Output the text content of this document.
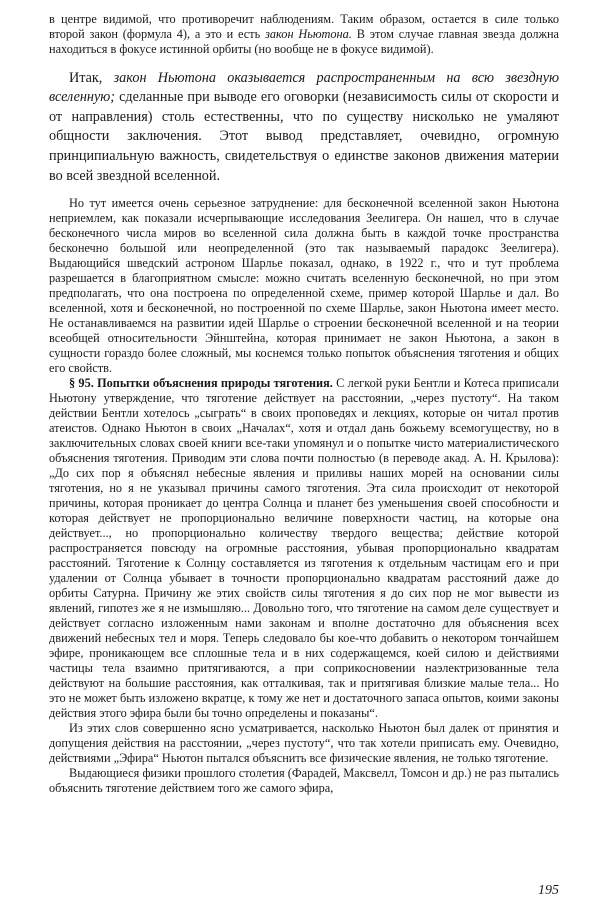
в центре видимой, что противоречит наблюдениям. Таким образом, остается в силе только второй закон (формула 4), а это и есть закон Ньютона. В этом случае главная звезда должна находиться в фокусе истинной орбиты (но вообще не в фокусе видимой).

Итак, закон Ньютона оказывается распространенным на всю звездную вселенную; сделанные при выводе его оговорки (независимость силы от скорости и от направления) столь естественны, что по существу нисколько не умаляют общности заключения. Этот вывод представляет, очевидно, огромную принципиальную важность, свидетельствуя о единстве законов движения материи во всей звездной вселенной.

Но тут имеется очень серьезное затруднение: для бесконечной вселенной закон Ньютона неприемлем, как показали исчерпывающие исследования Зеелигера. Он нашел, что в случае бесконечного числа миров во вселенной сила должна быть в каждой точке пространства бесконечно большой или неопределенной (это так называемый парадокс Зеелигера). Выдающийся шведский астроном Шарлье показал, однако, в 1922 г., что и тут проблема разрешается в благоприятном смысле: можно считать вселенную бесконечной, но при этом предполагать, что она построена по определенной схеме, пример которой Шарлье и дал. Во вселенной, хотя и бесконечной, но построенной по схеме Шарлье, закон Ньютона имеет место. Не останавливаемся на развитии идей Шарлье о строении бесконечной вселенной и на теории всеобщей относительности Эйнштейна, которая принимает не закон Ньютона, а закон в сущности гораздо более сложный, мы коснемся только попыток объяснения тяготения и общих его свойств.

§ 95. Попытки объяснения природы тяготения. С легкой руки Бентли и Котеса приписали Ньютону утверждение, что тяготение действует на расстоянии, „через пустоту“. На таком действии Бентли хотелось „сыграть“ в своих проповедях и лекциях, которые он читал против атеистов. Однако Ньютон в своих „Началах“, хотя и отдал дань божьему всемогуществу, но в заключительных словах своей книги все-таки упомянул и о попытке чисто материалистического объяснения тяготения. Приводим эти слова почти полностью (в переводе акад. А. Н. Крылова): „До сих пор я объяснял небесные явления и приливы наших морей на основании силы тяготения, но я не указывал причины самого тяготения. Эта сила происходит от некоторой причины, которая проникает до центра Солнца и планет без уменьшения своей способности и которая действует не пропорционально величине поверхности частиц, на которые она действует..., но пропорционально количеству твердого вещества; действие которой распространяется повсюду на огромные расстояния, убывая пропорционально квадратам расстояний. Тяготение к Солнцу составляется из тяготения к отдельным частицам его и при удалении от Солнца убывает в точности пропорционально квадратам расстояний даже до орбиты Сатурна. Причину же этих свойств силы тяготения я до сих пор не мог вывести из явлений, гипотез же я не измышляю... Довольно того, что тяготение на самом деле существует и действует согласно изложенным нами законам и вполне достаточно для объяснения всех движений небесных тел и моря. Теперь следовало бы кое-что добавить о некотором тончайшем эфире, проникающем все сплошные тела и в них содержащемся, коей силою и действиями частицы тела взаимно притягиваются, а при соприкосновении наэлектризованные тела действуют на большие расстояния, как отталкивая, так и притягивая близкие малые тела... Но это не может быть изложено вкратце, к тому же нет и достаточного запаса опытов, коими законы действия этого эфира были бы точно определены и показаны“.

Из этих слов совершенно ясно усматривается, насколько Ньютон был далек от принятия и допущения действия на расстоянии, „через пустоту“, что так хотели приписать ему. Очевидно, действиями „Эфира“ Ньютон пытался объяснить все физические явления, не только тяготение.

Выдающиеся физики прошлого столетия (Фарадей, Максвелл, Томсон и др.) не раз пытались объяснить тяготение действием того же самого эфира,

195
